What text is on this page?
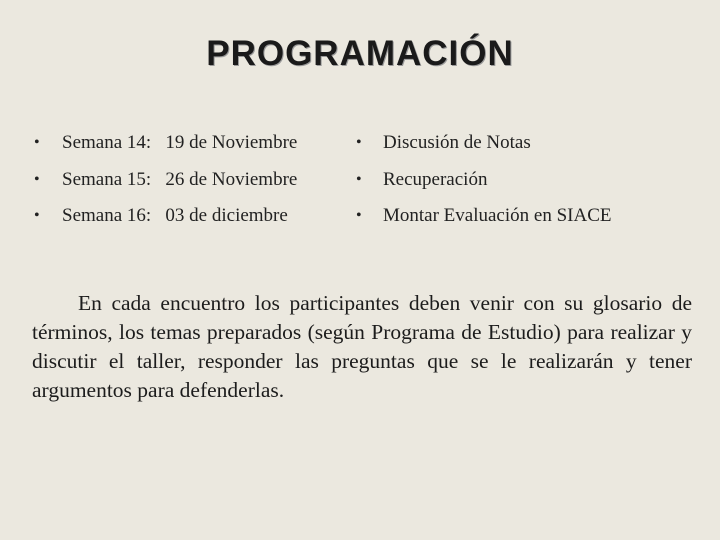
PROGRAMACIÓN
• Semana 14:   19 de Noviembre	• Discusión de Notas
• Semana 15:   26 de Noviembre	• Recuperación
• Semana 16:   03 de diciembre	• Montar Evaluación en SIACE
En cada encuentro los participantes deben venir con su glosario de términos, los temas preparados (según Programa de Estudio) para realizar y discutir el taller, responder las preguntas que se le realizarán y tener argumentos para defenderlas.
